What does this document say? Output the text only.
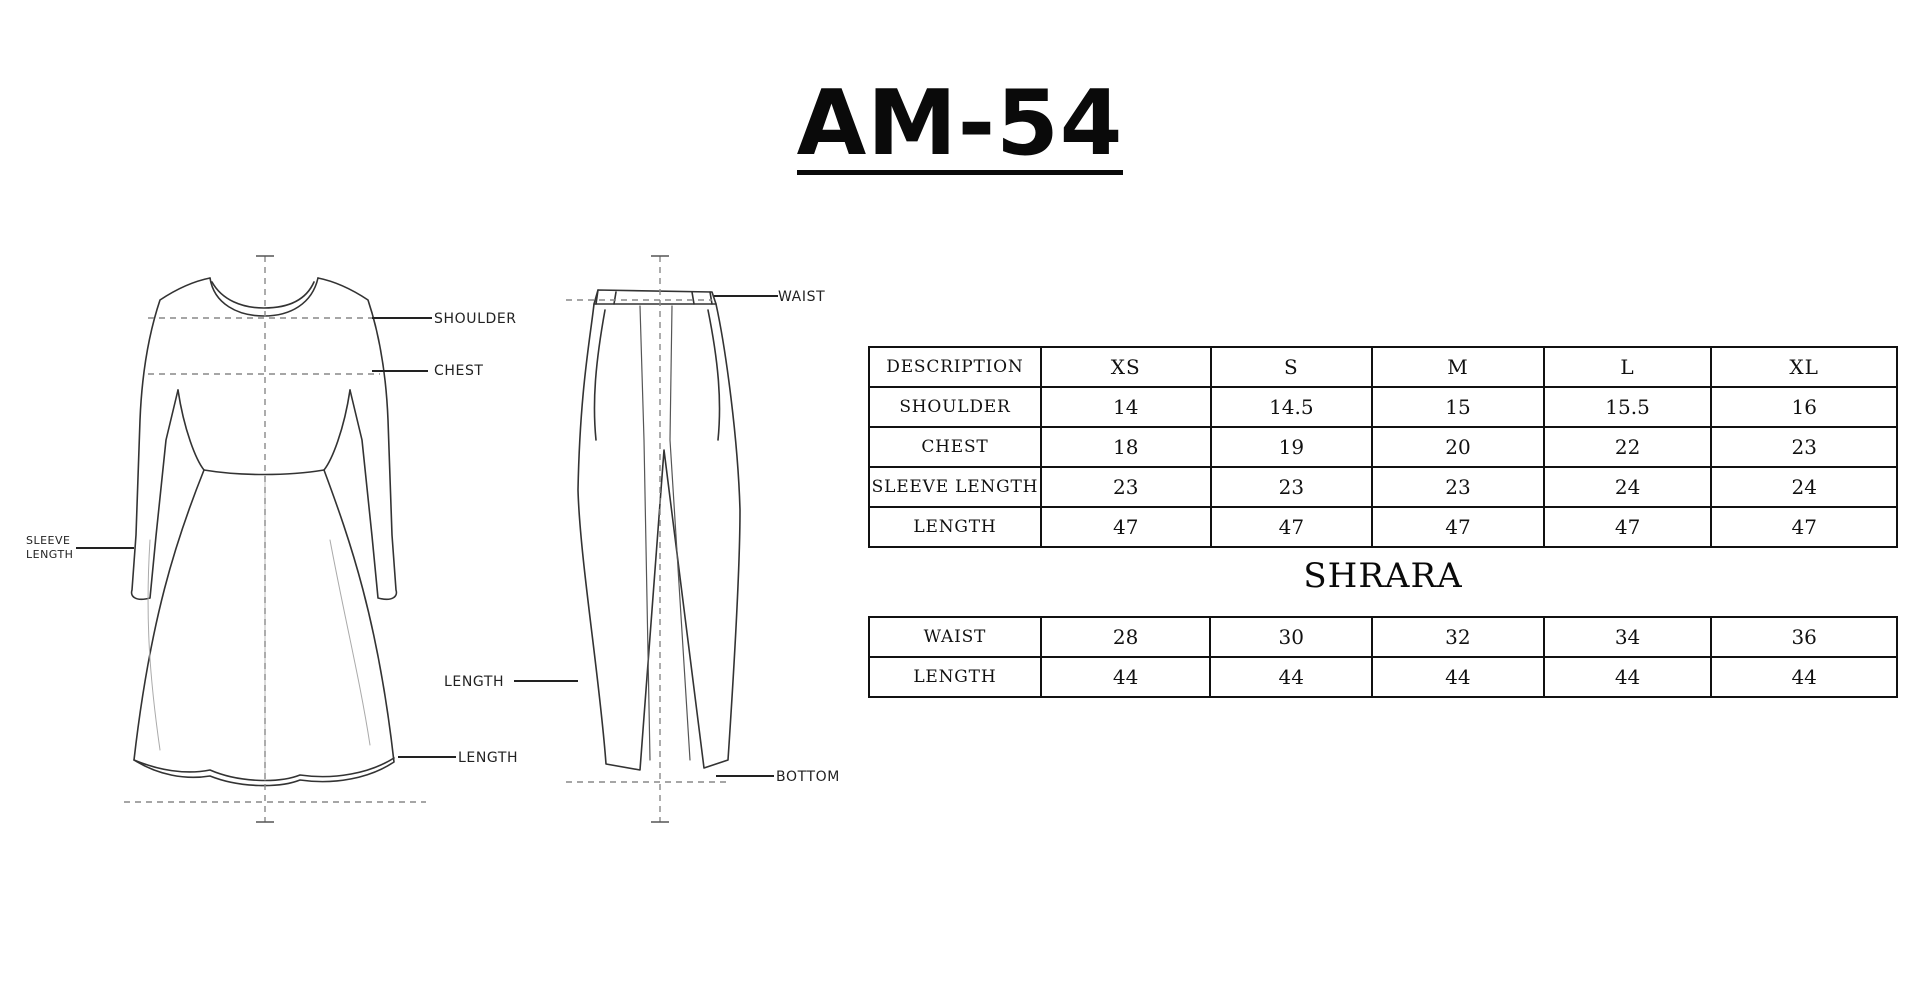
AM-54
SHOULDER
CHEST
SLEEVE
LENGTH
LENGTH
WAIST
LENGTH
BOTTOM
DESCRIPTION	XS	S	M	L	XL
SHOULDER	14	14.5	15	15.5	16
CHEST	18	19	20	22	23
SLEEVE LENGTH	23	23	23	24	24
LENGTH	47	47	47	47	47
SHRARA
WAIST	28	30	32	34	36
LENGTH	44	44	44	44	44
